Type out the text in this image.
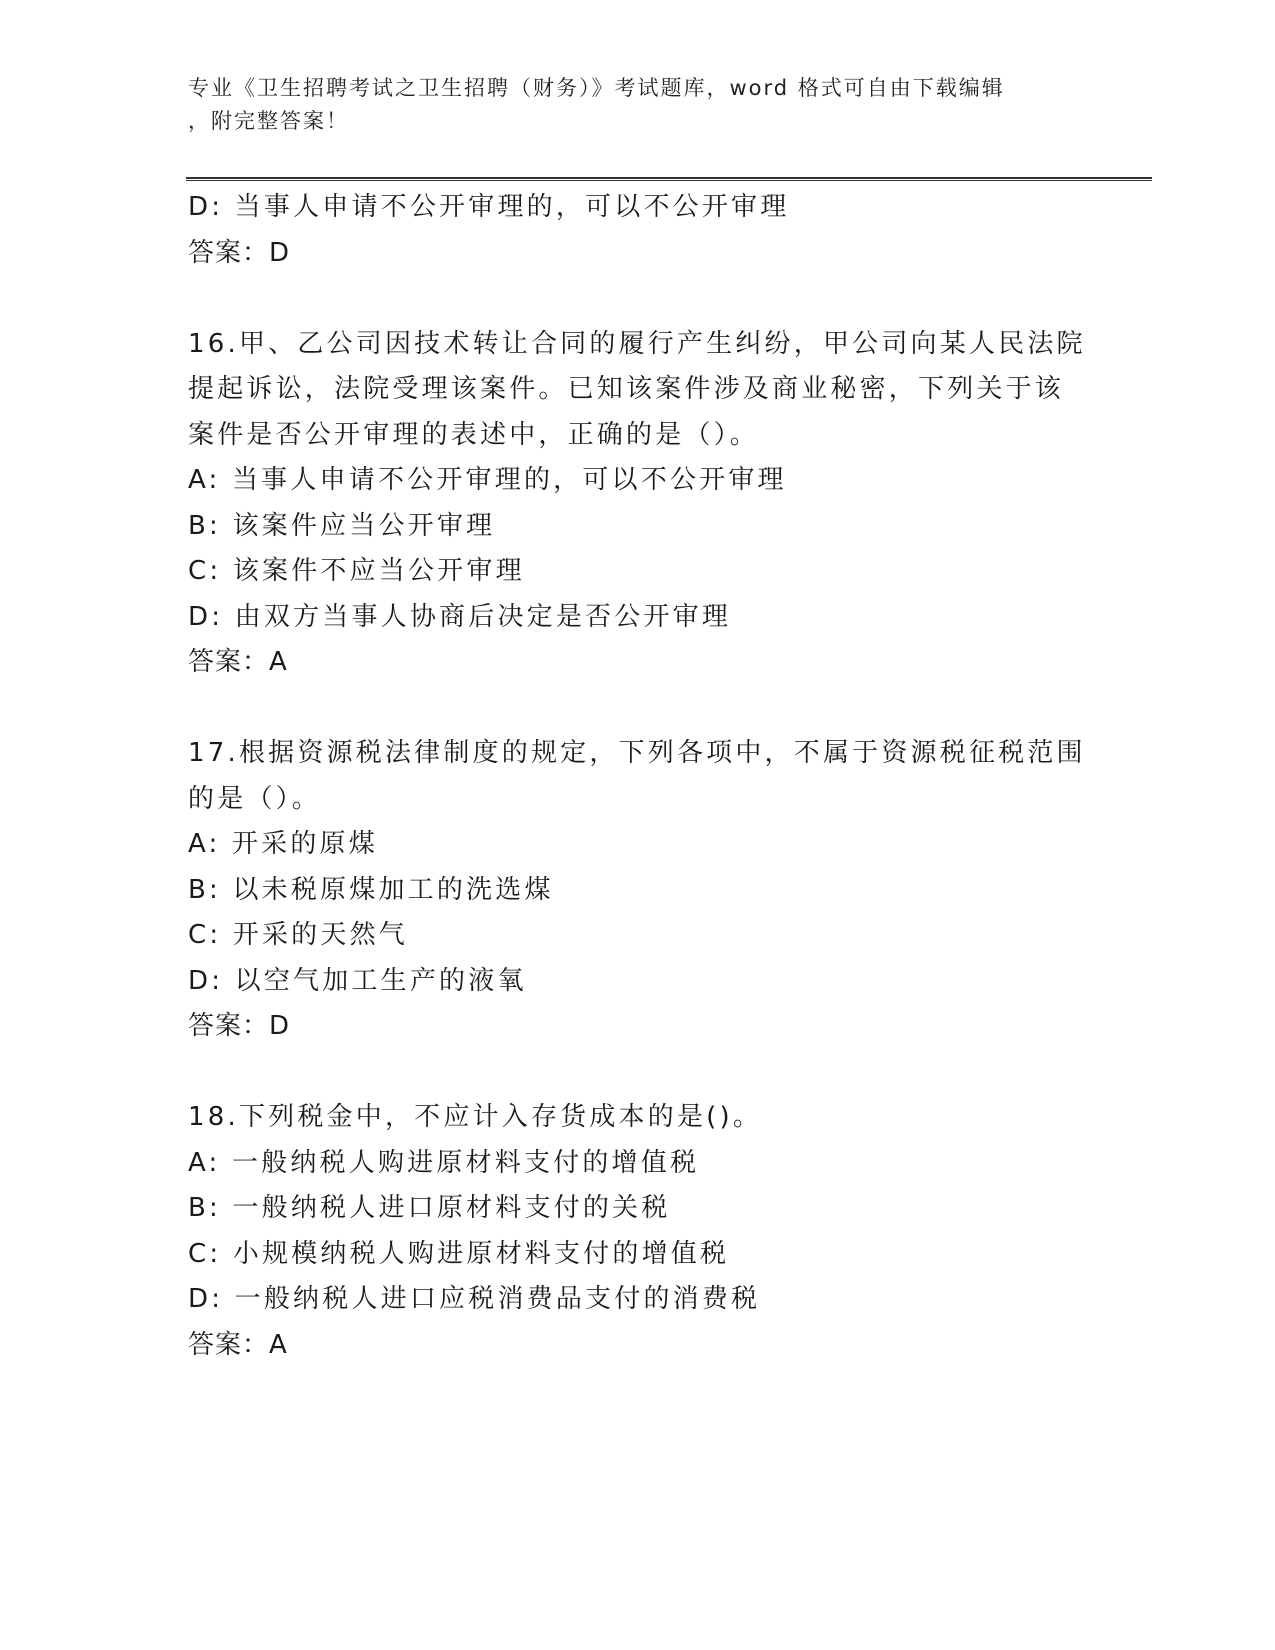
专业《卫生招聘考试之卫生招聘（财务）》考试题库，word 格式可自由下载编辑
，附完整答案！
D: 当事人申请不公开审理的，可以不公开审理
答案：D
16.甲、乙公司因技术转让合同的履行产生纠纷，甲公司向某人民法院
提起诉讼，法院受理该案件。已知该案件涉及商业秘密，下列关于该
案件是否公开审理的表述中，正确的是（）。
A: 当事人申请不公开审理的，可以不公开审理
B: 该案件应当公开审理
C: 该案件不应当公开审理
D: 由双方当事人协商后决定是否公开审理
答案：A
17.根据资源税法律制度的规定，下列各项中，不属于资源税征税范围
的是（）。
A: 开采的原煤
B: 以未税原煤加工的洗选煤
C: 开采的天然气
D: 以空气加工生产的液氧
答案：D
18.下列税金中，不应计入存货成本的是()。
A: 一般纳税人购进原材料支付的增值税
B: 一般纳税人进口原材料支付的关税
C: 小规模纳税人购进原材料支付的增值税
D: 一般纳税人进口应税消费品支付的消费税
答案：A
